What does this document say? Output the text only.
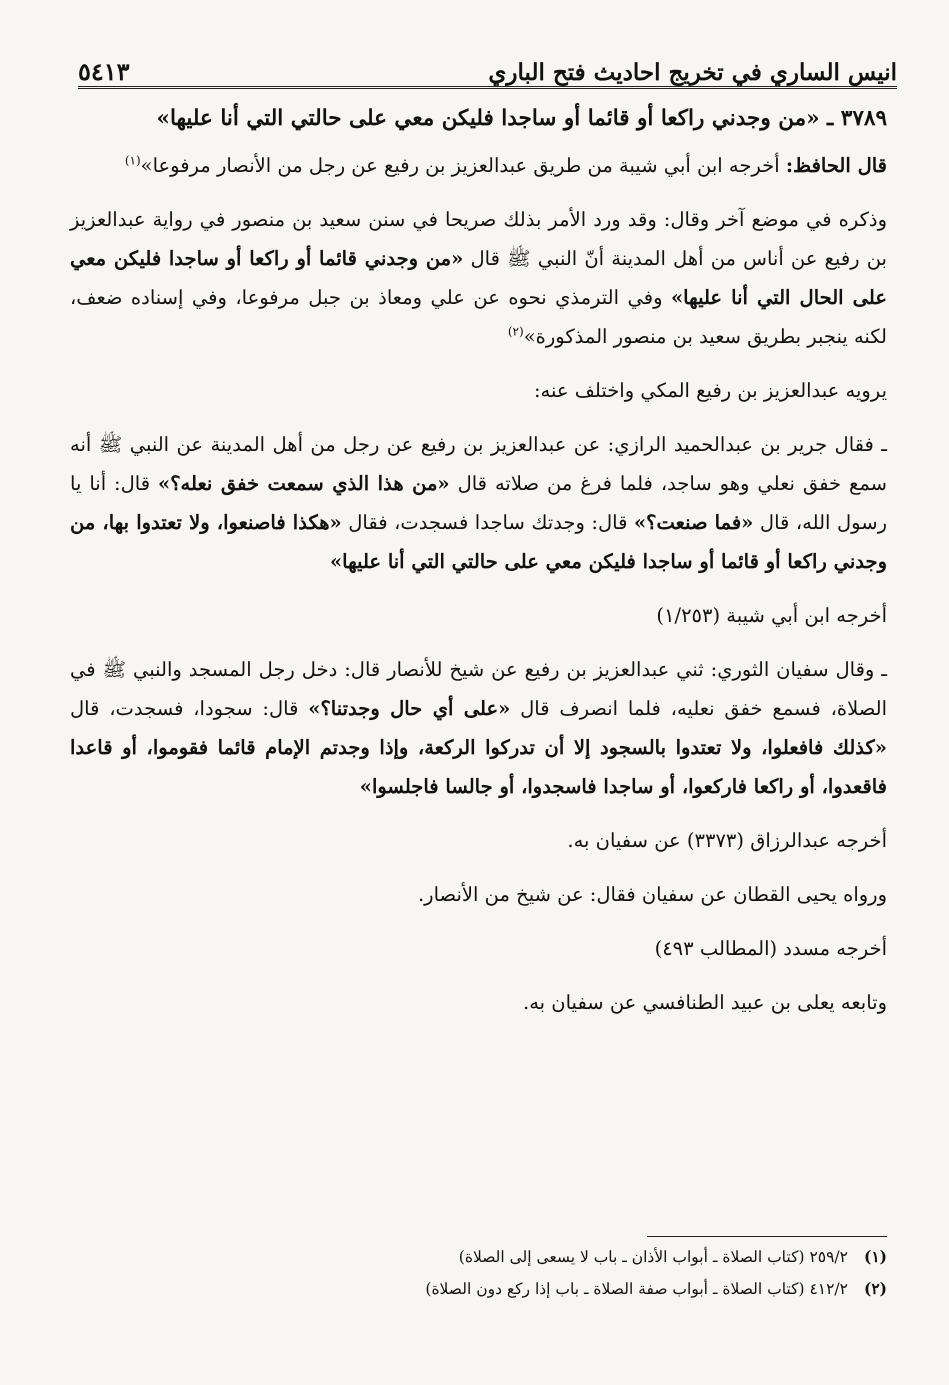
٥٤١٣	انيس الساري في تخريج احاديث فتح الباري

٣٧٨٩ ـ «من وجدني راكعا أو قائما أو ساجدا فليكن معي على حالتي التي أنا عليها»

قال الحافظ: أخرجه ابن أبي شيبة من طريق عبدالعزيز بن رفيع عن رجل من الأنصار مرفوعا»$^{(١)}$

وذكره في موضع آخر وقال: وقد ورد الأمر بذلك صريحا في سنن سعيد بن منصور في رواية عبدالعزيز بن رفيع عن أناس من أهل المدينة أنّ النبي ﷺ قال «من وجدني قائما أو راكعا أو ساجدا فليكن معي على الحال التي أنا عليها» وفي الترمذي نحوه عن علي ومعاذ بن جبل مرفوعا، وفي إسناده ضعف، لكنه ينجبر بطريق سعيد بن منصور المذكورة»$^{(٢)}$

يرويه عبدالعزيز بن رفيع المكي واختلف عنه:

ـ فقال جرير بن عبدالحميد الرازي: عن عبدالعزيز بن رفيع عن رجل من أهل المدينة عن النبي ﷺ أنه سمع خفق نعلي وهو ساجد، فلما فرغ من صلاته قال «من هذا الذي سمعت خفق نعله؟» قال: أنا يا رسول الله، قال «فما صنعت؟» قال: وجدتك ساجدا فسجدت، فقال «هكذا فاصنعوا، ولا تعتدوا بها، من وجدني راكعا أو قائما أو ساجدا فليكن معي على حالتي التي أنا عليها»

أخرجه ابن أبي شيبة (١/٢٥٣)

ـ وقال سفيان الثوري: ثني عبدالعزيز بن رفيع عن شيخ للأنصار قال: دخل رجل المسجد والنبي ﷺ في الصلاة، فسمع خفق نعليه، فلما انصرف قال «على أي حال وجدتنا؟» قال: سجودا، فسجدت، قال «كذلك فافعلوا، ولا تعتدوا بالسجود إلا أن تدركوا الركعة، وإذا وجدتم الإمام قائما فقوموا، أو قاعدا فاقعدوا، أو راكعا فاركعوا، أو ساجدا فاسجدوا، أو جالسا فاجلسوا»

أخرجه عبدالرزاق (٣٣٧٣) عن سفيان به.

ورواه يحيى القطان عن سفيان فقال: عن شيخ من الأنصار.

أخرجه مسدد (المطالب ٤٩٣)

وتابعه يعلى بن عبيد الطنافسي عن سفيان به.

(١)
٢٥٩/٢ (كتاب الصلاة ـ أبواب الأذان ـ باب لا يسعى إلى الصلاة)
(٢)
٤١٢/٢ (كتاب الصلاة ـ أبواب صفة الصلاة ـ باب إذا ركع دون الصلاة)
